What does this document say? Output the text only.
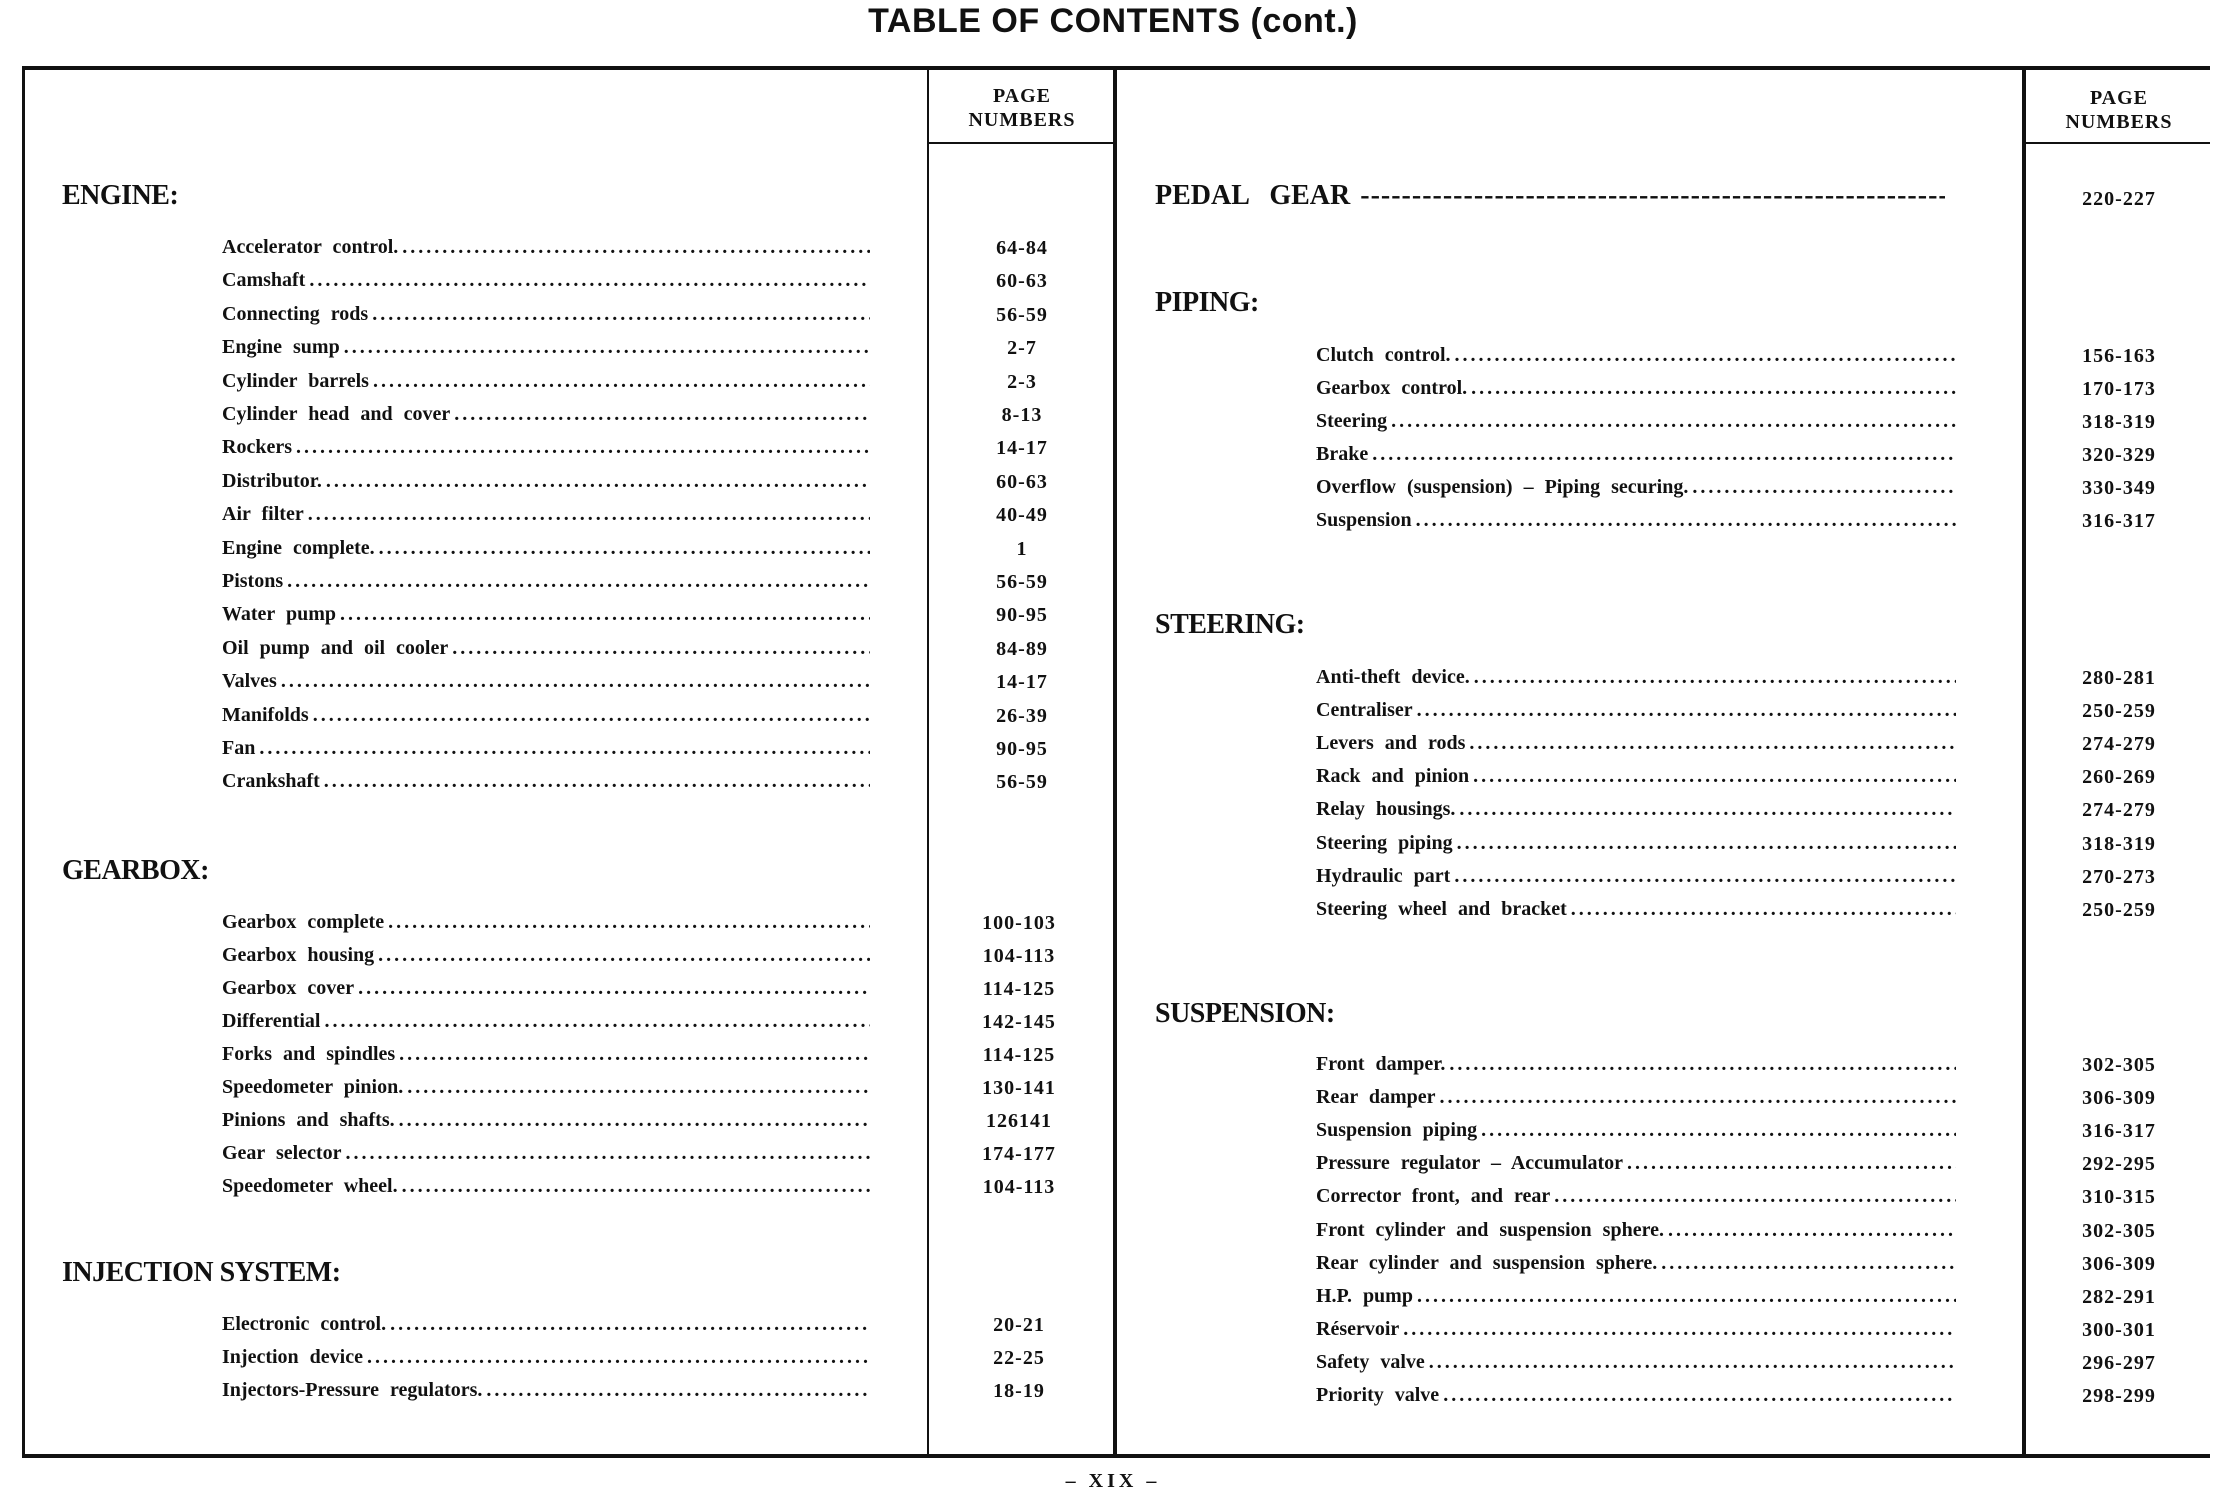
TABLE OF CONTENTS (cont.)
PAGE
NUMBERS
PAGE
NUMBERS
ENGINE:
Accelerator control. .....	64-84
Camshaft .....	60-63
Connecting rods .....	56-59
Engine sump .....	2-7
Cylinder barrels .....	2-3
Cylinder head and cover .....	8-13
Rockers .....	14-17
Distributor. .....	60-63
Air filter .....	40-49
Engine complete. .....	1
Pistons .....	56-59
Water pump .....	90-95
Oil pump and oil cooler .....	84-89
Valves .....	14-17
Manifolds .....	26-39
Fan .....	90-95
Crankshaft .....	56-59
GEARBOX:
Gearbox complete .....	100-103
Gearbox housing .....	104-113
Gearbox cover .....	114-125
Differential .....	142-145
Forks and spindles .....	114-125
Speedometer pinion. .....	130-141
Pinions and shafts. .....	126141
Gear selector .....	174-177
Speedometer wheel. .....	104-113
INJECTION SYSTEM:
Electronic control. .....	20-21
Injection device .....	22-25
Injectors-Pressure regulators. .....	18-19
PIPING:
Clutch control. .....	156-163
Gearbox control. .....	170-173
Steering .....	318-319
Brake .....	320-329
Overflow (suspension) – Piping securing. .....	330-349
Suspension .....	316-317
STEERING:
Anti-theft device. .....	280-281
Centraliser .....	250-259
Levers and rods .....	274-279
Rack and pinion .....	260-269
Relay housings. .....	274-279
Steering piping .....	318-319
Hydraulic part .....	270-273
Steering wheel and bracket .....	250-259
SUSPENSION:
Front damper. .....	302-305
Rear damper .....	306-309
Suspension piping .....	316-317
Pressure regulator – Accumulator .....	292-295
Corrector front, and rear .....	310-315
Front cylinder and suspension sphere. .....	302-305
Rear cylinder and suspension sphere. .....	306-309
H.P. pump .....	282-291
Réservoir .....	300-301
Safety valve .....	296-297
Priority valve .....	298-299
PEDAL GEAR -----	220-227
– XIX –
